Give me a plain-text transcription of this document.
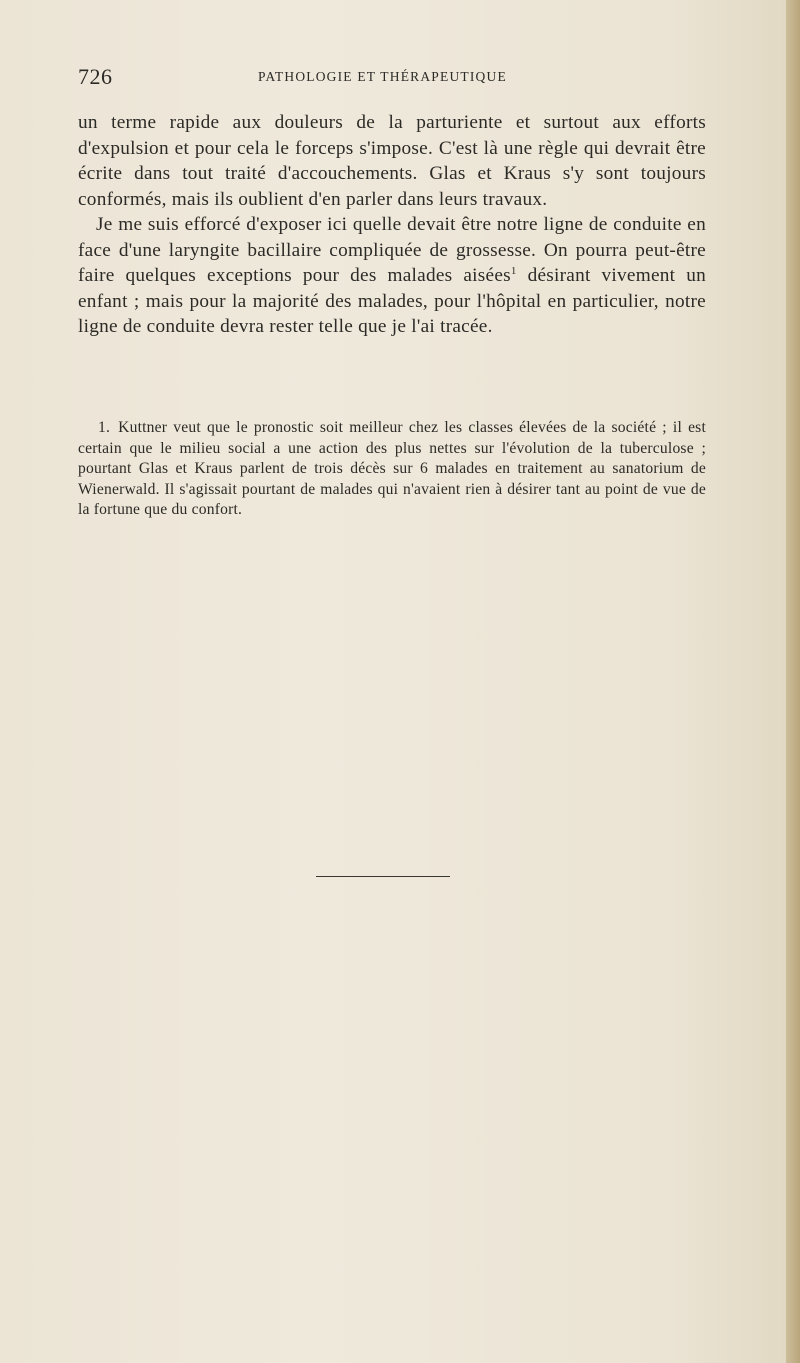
726	PATHOLOGIE ET THÉRAPEUTIQUE

un terme rapide aux douleurs de la parturiente et surtout aux efforts d'expulsion et pour cela le forceps s'impose. C'est là une règle qui devrait être écrite dans tout traité d'accouchements. Glas et Kraus s'y sont toujours conformés, mais ils oublient d'en parler dans leurs travaux.

Je me suis efforcé d'exposer ici quelle devait être notre ligne de conduite en face d'une laryngite bacillaire compliquée de grossesse. On pourra peut-être faire quelques exceptions pour des malades aisées$^1$ désirant vivement un enfant ; mais pour la majorité des malades, pour l'hôpital en particulier, notre ligne de conduite devra rester telle que je l'ai tracée.

1. Kuttner veut que le pronostic soit meilleur chez les classes élevées de la société ; il est certain que le milieu social a une action des plus nettes sur l'évolution de la tuberculose ; pourtant Glas et Kraus parlent de trois décès sur 6 malades en traitement au sanatorium de Wienerwald. Il s'agissait pourtant de malades qui n'avaient rien à désirer tant au point de vue de la fortune que du confort.
